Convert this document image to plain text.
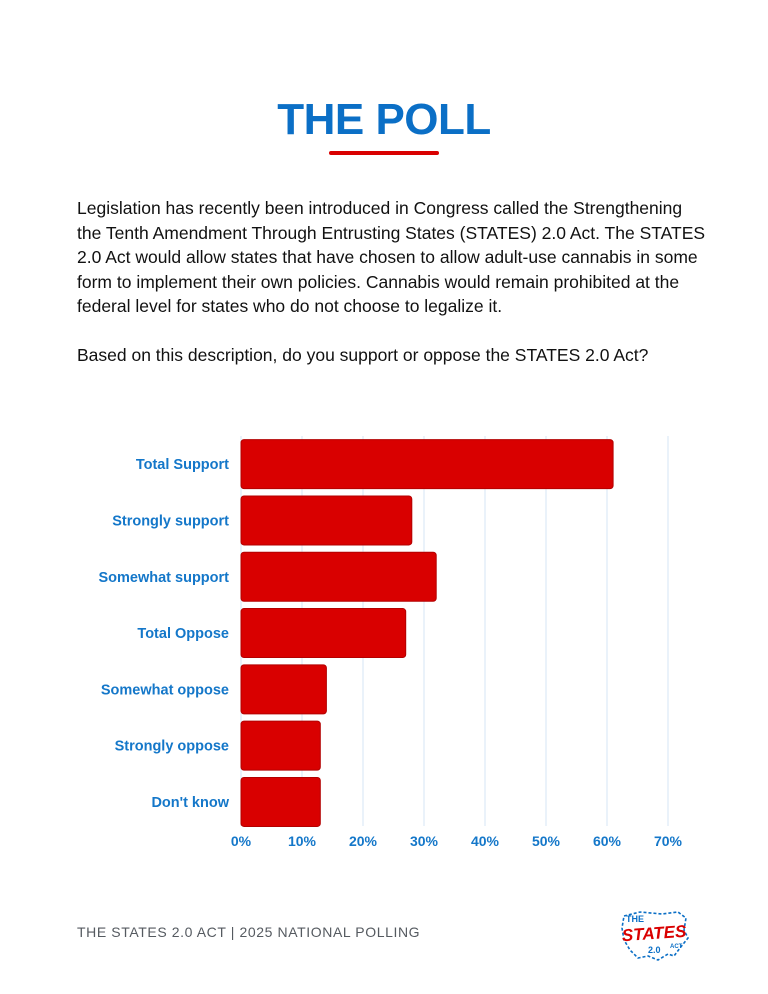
THE POLL

Legislation has recently been introduced in Congress called the Strengthening the Tenth Amendment Through Entrusting States (STATES) 2.0 Act. The STATES 2.0 Act would allow states that have chosen to allow adult-use cannabis in some form to implement their own policies. Cannabis would remain prohibited at the federal level for states who do not choose to legalize it.

Based on this description, do you support or oppose the STATES 2.0 Act?

Total Support
Strongly support
Somewhat support
Total Oppose
Somewhat oppose
Strongly oppose
Don't know
0%	10% 20% 30% 40% 50% 60% 70%
THE STATES 2.0 ACT | 2025 NATIONAL POLLING
THE
STATES
ACT
2.0
